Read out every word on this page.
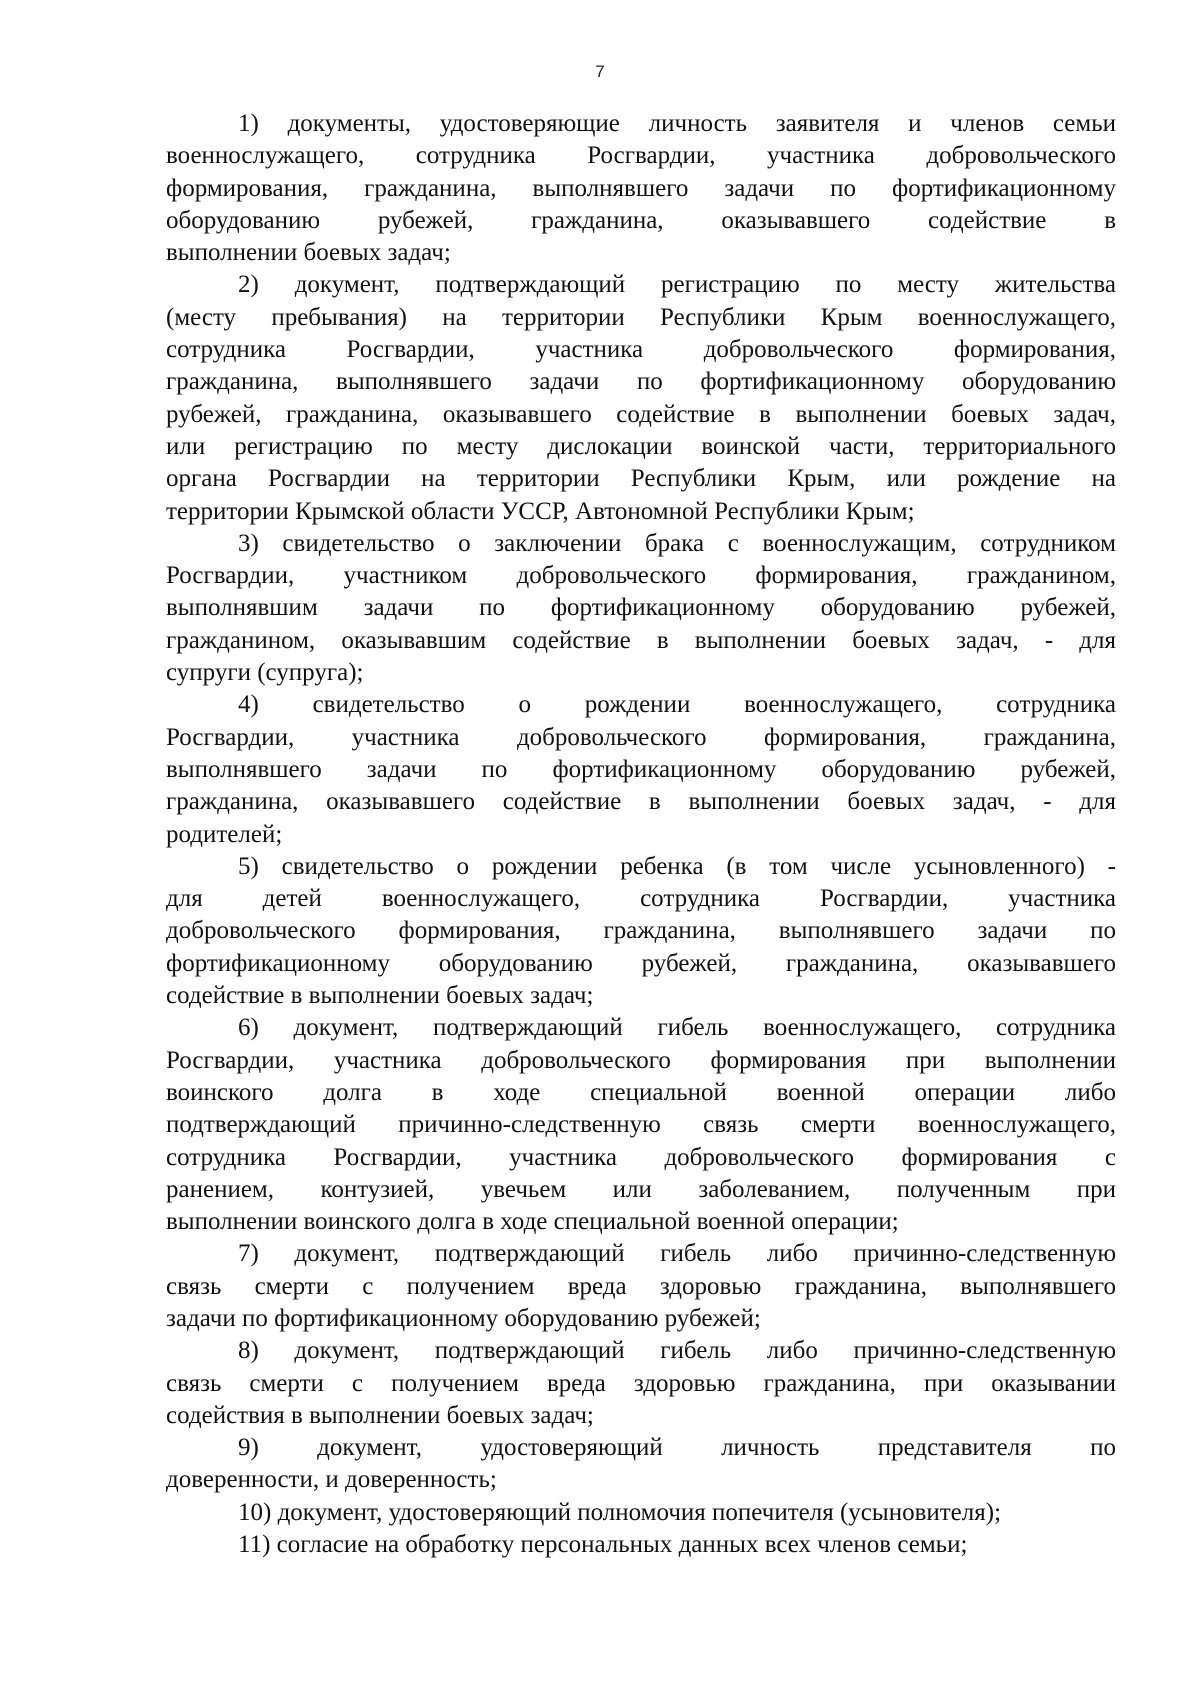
7
1) документы, удостоверяющие личность заявителя и членов семьи
военнослужащего, сотрудника Росгвардии, участника добровольческого
формирования, гражданина, выполнявшего задачи по фортификационному
оборудованию рубежей, гражданина, оказывавшего содействие в
выполнении боевых задач;
2) документ, подтверждающий регистрацию по месту жительства
(месту пребывания) на территории Республики Крым военнослужащего,
сотрудника Росгвардии, участника добровольческого формирования,
гражданина, выполнявшего задачи по фортификационному оборудованию
рубежей, гражданина, оказывавшего содействие в выполнении боевых задач,
или регистрацию по месту дислокации воинской части, территориального
органа Росгвардии на территории Республики Крым, или рождение на
территории Крымской области УССР, Автономной Республики Крым;
3) свидетельство о заключении брака с военнослужащим, сотрудником
Росгвардии, участником добровольческого формирования, гражданином,
выполнявшим задачи по фортификационному оборудованию рубежей,
гражданином, оказывавшим содействие в выполнении боевых задач, - для
супруги (супруга);
4) свидетельство о рождении военнослужащего, сотрудника
Росгвардии, участника добровольческого формирования, гражданина,
выполнявшего задачи по фортификационному оборудованию рубежей,
гражданина, оказывавшего содействие в выполнении боевых задач, - для
родителей;
5) свидетельство о рождении ребенка (в том числе усыновленного) -
для детей военнослужащего, сотрудника Росгвардии, участника
добровольческого формирования, гражданина, выполнявшего задачи по
фортификационному оборудованию рубежей, гражданина, оказывавшего
содействие в выполнении боевых задач;
6) документ, подтверждающий гибель военнослужащего, сотрудника
Росгвардии, участника добровольческого формирования при выполнении
воинского долга в ходе специальной военной операции либо
подтверждающий причинно-следственную связь смерти военнослужащего,
сотрудника Росгвардии, участника добровольческого формирования с
ранением, контузией, увечьем или заболеванием, полученным при
выполнении воинского долга в ходе специальной военной операции;
7) документ, подтверждающий гибель либо причинно-следственную
связь смерти с получением вреда здоровью гражданина, выполнявшего
задачи по фортификационному оборудованию рубежей;
8) документ, подтверждающий гибель либо причинно-следственную
связь смерти с получением вреда здоровью гражданина, при оказывании
содействия в выполнении боевых задач;
9) документ, удостоверяющий личность представителя по
доверенности, и доверенность;
10) документ, удостоверяющий полномочия попечителя (усыновителя);
11) согласие на обработку персональных данных всех членов семьи;
